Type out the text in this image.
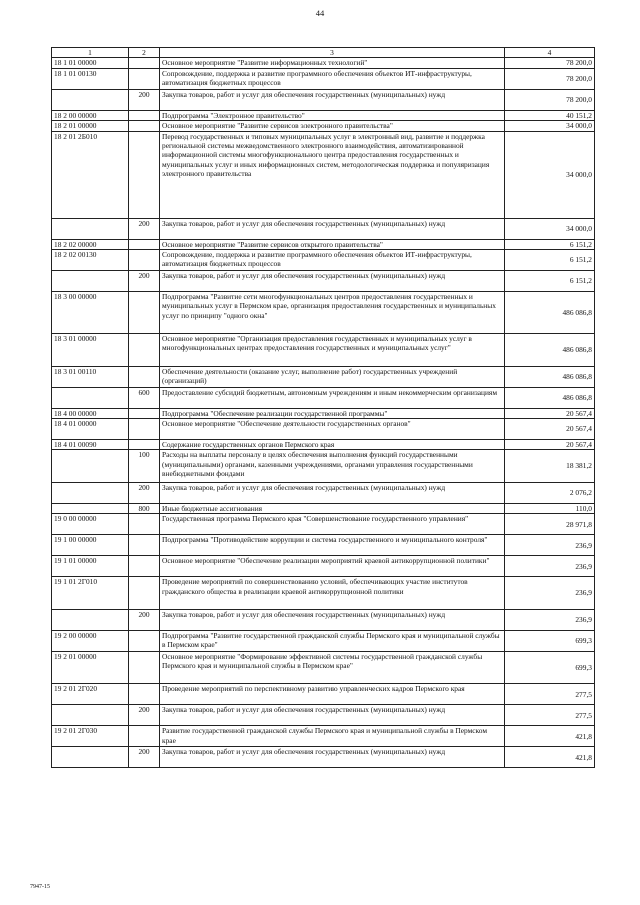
44
1	2	3	4
18 1 01 00000		Основное мероприятие "Развитие информационных технологий"	78 200,0
18 1 01 00130		Сопровождение, поддержка и развитие программного обеспечения объектов ИТ-инфраструктуры, автоматизация бюджетных процессов	78 200,0
	200	Закупка товаров, работ и услуг для обеспечения государственных (муниципальных) нужд	78 200,0
18 2 00 00000		Подпрограмма "Электронное правительство"	40 151,2
18 2 01 00000		Основное мероприятие "Развитие сервисов электронного правительства"	34 000,0
18 2 01 2Б010		Перевод государственных и типовых муниципальных услуг в электронный вид, развитие и поддержка региональной системы межведомственного электронного взаимодействия, автоматизированной информационной системы многофункционального центра предоставления государственных и муниципальных услуг и иных информационных систем, методологическая поддержка и популяризация электронного правительства	34 000,0
	200	Закупка товаров, работ и услуг для обеспечения государственных (муниципальных) нужд	34 000,0
18 2 02 00000		Основное мероприятие "Развитие сервисов открытого правительства"	6 151,2
18 2 02 00130		Сопровождение, поддержка и развитие программного обеспечения объектов ИТ-инфраструктуры, автоматизация бюджетных процессов	6 151,2
	200	Закупка товаров, работ и услуг для обеспечения государственных (муниципальных) нужд	6 151,2
18 3 00 00000		Подпрограмма "Развитие сети многофункциональных центров предоставления государственных и муниципальных услуг в Пермском крае, организация предоставления государственных и муниципальных услуг по принципу "одного окна"	486 086,8
18 3 01 00000		Основное мероприятие "Организация предоставления государственных и муниципальных услуг в многофункциональных центрах предоставления государственных и муниципальных услуг"	486 086,8
18 3 01 00110		Обеспечение деятельности (оказание услуг, выполнение работ) государственных учреждений (организаций)	486 086,8
	600	Предоставление субсидий бюджетным, автономным учреждениям и иным некоммерческим организациям	486 086,8
18 4 00 00000		Подпрограмма "Обеспечение реализации государственной программы"	20 567,4
18 4 01 00000		Основное мероприятие "Обеспечение деятельности государственных органов"	20 567,4
18 4 01 00090		Содержание государственных органов Пермского края	20 567,4
	100	Расходы на выплаты персоналу в целях обеспечения выполнения функций государственными (муниципальными) органами, казенными учреждениями, органами управления государственными внебюджетными фондами	18 381,2
	200	Закупка товаров, работ и услуг для обеспечения государственных (муниципальных) нужд	2 076,2
	800	Иные бюджетные ассигнования	110,0
19 0 00 00000		Государственная программа Пермского края "Совершенствование государственного управления"	28 971,8
19 1 00 00000		Подпрограмма "Противодействие коррупции и система государственного и муниципального контроля"	236,9
19 1 01 00000		Основное мероприятие "Обеспечение реализации мероприятий краевой антикоррупционной политики"	236,9
19 1 01 2Г010		Проведение мероприятий по совершенствованию условий, обеспечивающих участие институтов гражданского общества в реализации краевой антикоррупционной политики	236,9
	200	Закупка товаров, работ и услуг для обеспечения государственных (муниципальных) нужд	236,9
19 2 00 00000		Подпрограмма "Развитие государственной гражданской службы Пермского края и муниципальной службы в Пермском крае"	699,3
19 2 01 00000		Основное мероприятие "Формирование эффективной системы государственной гражданской службы Пермского края и муниципальной службы в Пермском крае"	699,3
19 2 01 2Г020		Проведение мероприятий по перспективному развитию управленческих кадров Пермского края	277,5
	200	Закупка товаров, работ и услуг для обеспечения государственных (муниципальных) нужд	277,5
19 2 01 2Г030		Развитие государственной гражданской службы Пермского края и муниципальной службы в Пермском крае	421,8
	200	Закупка товаров, работ и услуг для обеспечения государственных (муниципальных) нужд	421,8
7947-15
